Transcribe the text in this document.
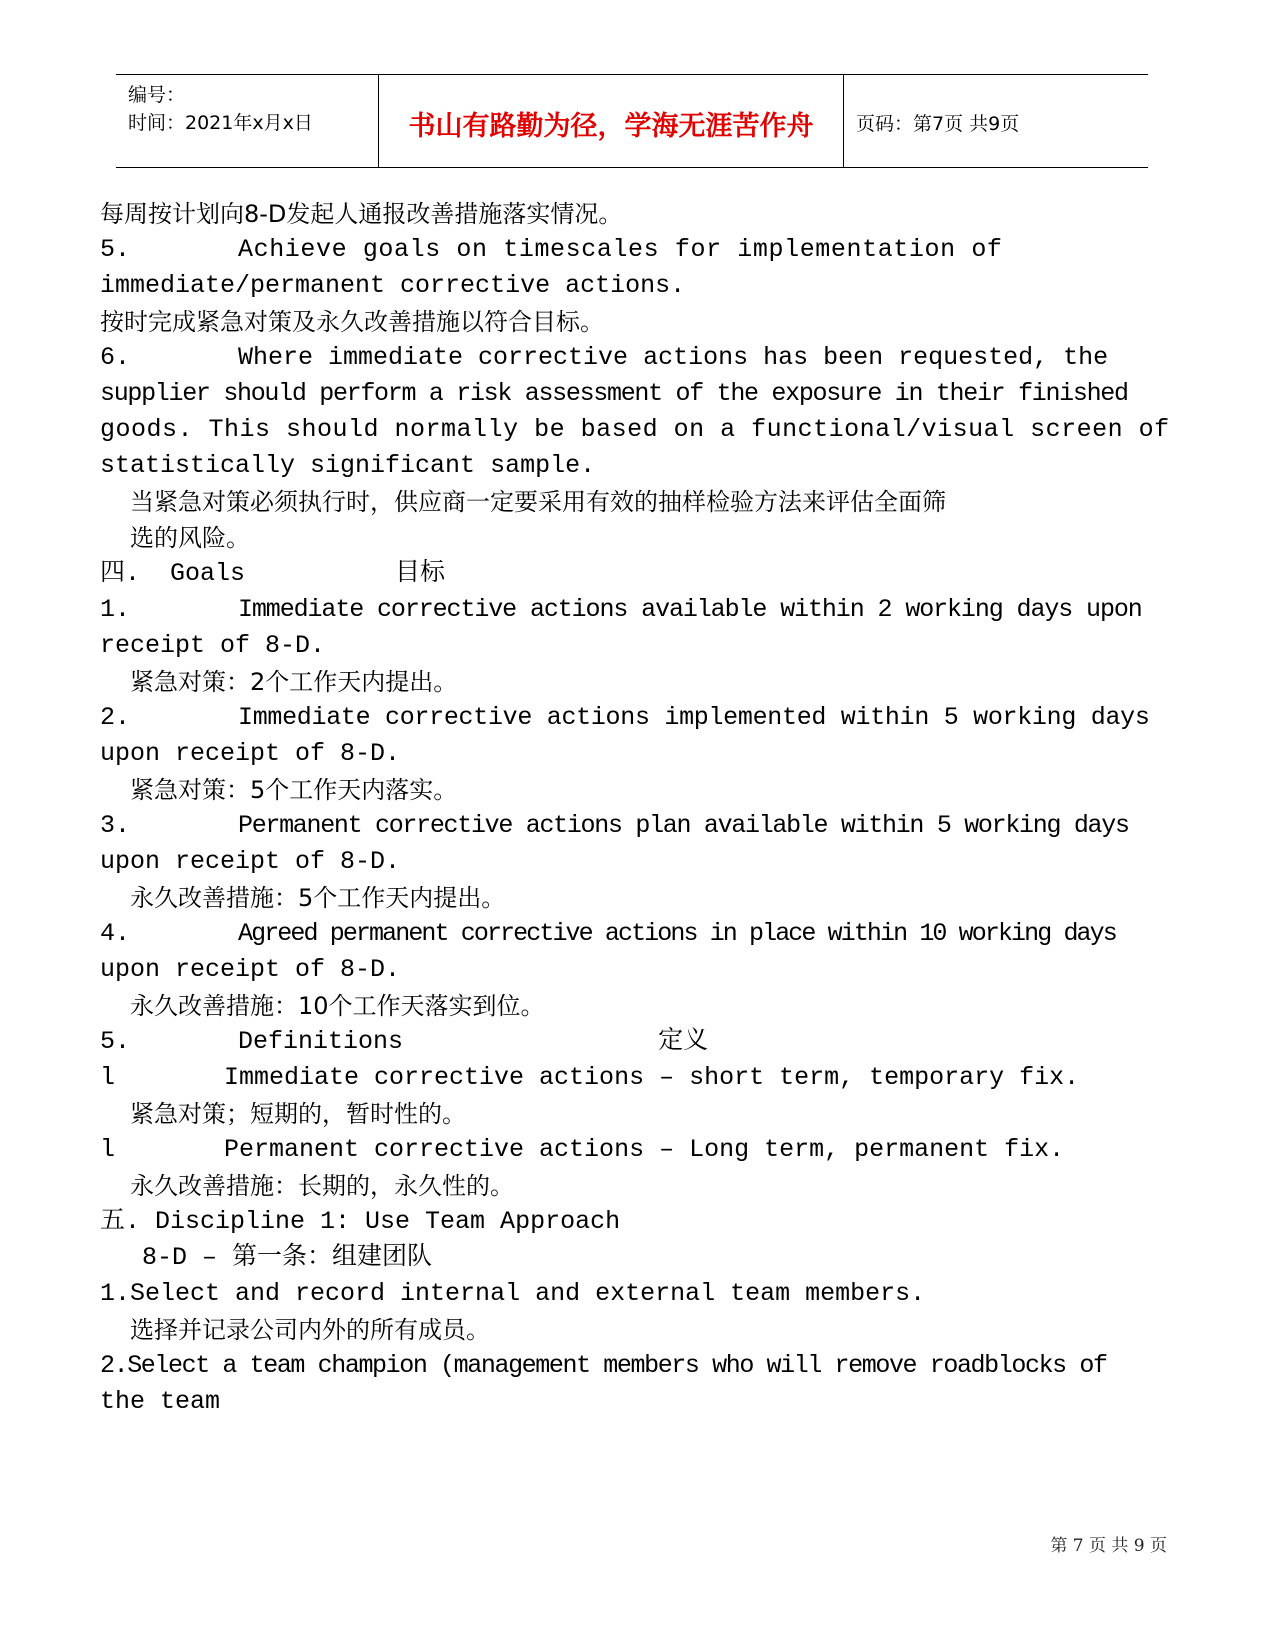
编号：
时间：2021年x月x日	书山有路勤为径，学海无涯苦作舟	页码：第7页 共9页
每周按计划向8-D发起人通报改善措施落实情况。
5.	Achieve goals on timescales for implementation of
immediate/permanent corrective actions.
按时完成紧急对策及永久改善措施以符合目标。
6.	Where immediate corrective actions has been requested, the
supplier should perform a risk assessment of the exposure in their finished
goods. This should normally be based on a functional/visual screen of
statistically significant sample.
当紧急对策必须执行时，供应商一定要采用有效的抽样检验方法来评估全面筛
选的风险。
四.  Goals          目标
1.	Immediate corrective actions available within 2 working days upon
receipt of 8-D.
紧急对策：2个工作天内提出。
2.	Immediate corrective actions implemented within 5 working days
upon receipt of 8-D.
紧急对策：5个工作天内落实。
3.	Permanent corrective actions plan available within 5 working days
upon receipt of 8-D.
永久改善措施：5个工作天内提出。
4.	Agreed permanent corrective actions in place within 10 working days
upon receipt of 8-D.
永久改善措施：10个工作天落实到位。
5.	Definitions                 定义
l	Immediate corrective actions – short term, temporary fix.
紧急对策；短期的，暂时性的。
l	Permanent corrective actions – Long term, permanent fix.
永久改善措施：长期的，永久性的。
五. Discipline 1: Use Team Approach
8-D – 第一条：组建团队
1.Select and record internal and external team members.
选择并记录公司内外的所有成员。
2.Select a team champion (management members who will remove roadblocks of
the team
第 7 页 共 9 页
